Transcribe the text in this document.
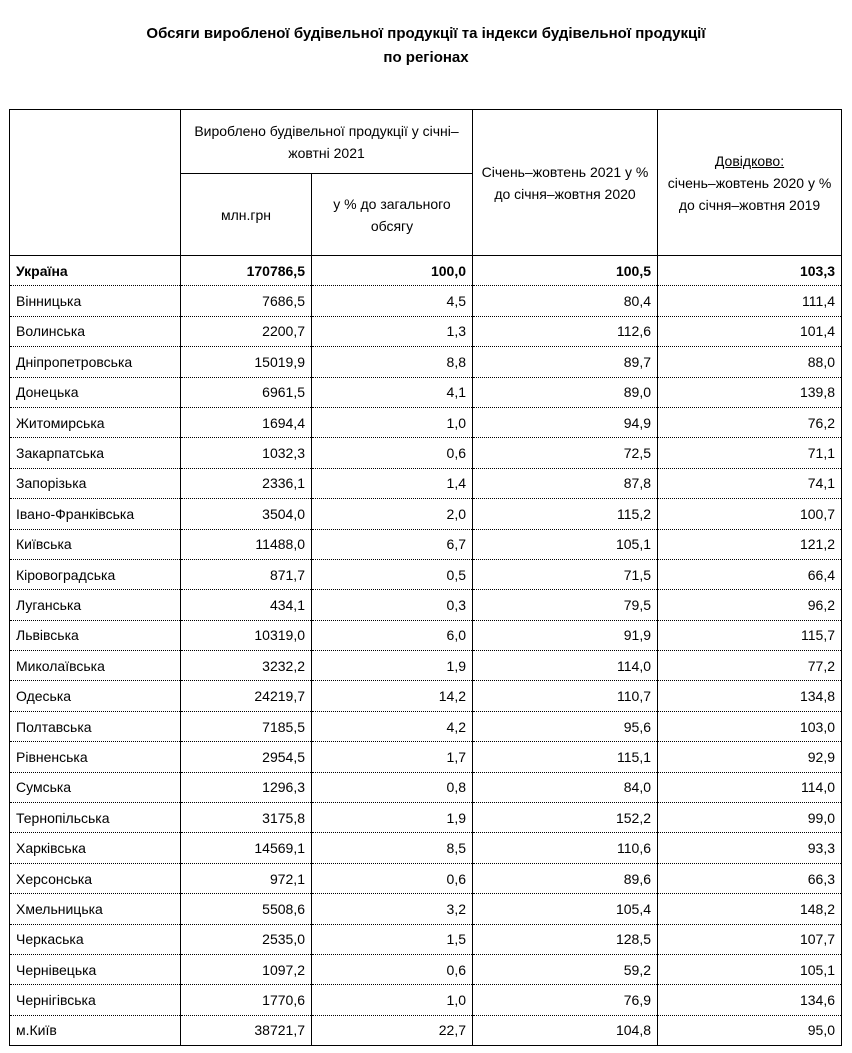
Обсяги виробленої будівельної продукції та індекси будівельної продукції
по регіонах
	Вироблено будівельної продукції у січні–жовтні 2021		Січень–жовтень 2021 у % до січня–жовтня 2020	Довідково:
січень–жовтень 2020 у % до січня–жовтня 2019

	млн.грн	у % до загального обсягу		
Україна	170786,5	100,0	100,5	103,3
Вінницька	7686,5	4,5	80,4	111,4
Волинська	2200,7	1,3	112,6	101,4
Дніпропетровська	15019,9	8,8	89,7	88,0
Донецька	6961,5	4,1	89,0	139,8
Житомирська	1694,4	1,0	94,9	76,2
Закарпатська	1032,3	0,6	72,5	71,1
Запорізька	2336,1	1,4	87,8	74,1
Івано-Франківська	3504,0	2,0	115,2	100,7
Київська	11488,0	6,7	105,1	121,2
Кіровоградська	871,7	0,5	71,5	66,4
Луганська	434,1	0,3	79,5	96,2
Львівська	10319,0	6,0	91,9	115,7
Миколаївська	3232,2	1,9	114,0	77,2
Одеська	24219,7	14,2	110,7	134,8
Полтавська	7185,5	4,2	95,6	103,0
Рівненська	2954,5	1,7	115,1	92,9
Сумська	1296,3	0,8	84,0	114,0
Тернопільська	3175,8	1,9	152,2	99,0
Харківська	14569,1	8,5	110,6	93,3
Херсонська	972,1	0,6	89,6	66,3
Хмельницька	5508,6	3,2	105,4	148,2
Черкаська	2535,0	1,5	128,5	107,7
Чернівецька	1097,2	0,6	59,2	105,1
Чернігівська	1770,6	1,0	76,9	134,6
м.Київ	38721,7	22,7	104,8	95,0
